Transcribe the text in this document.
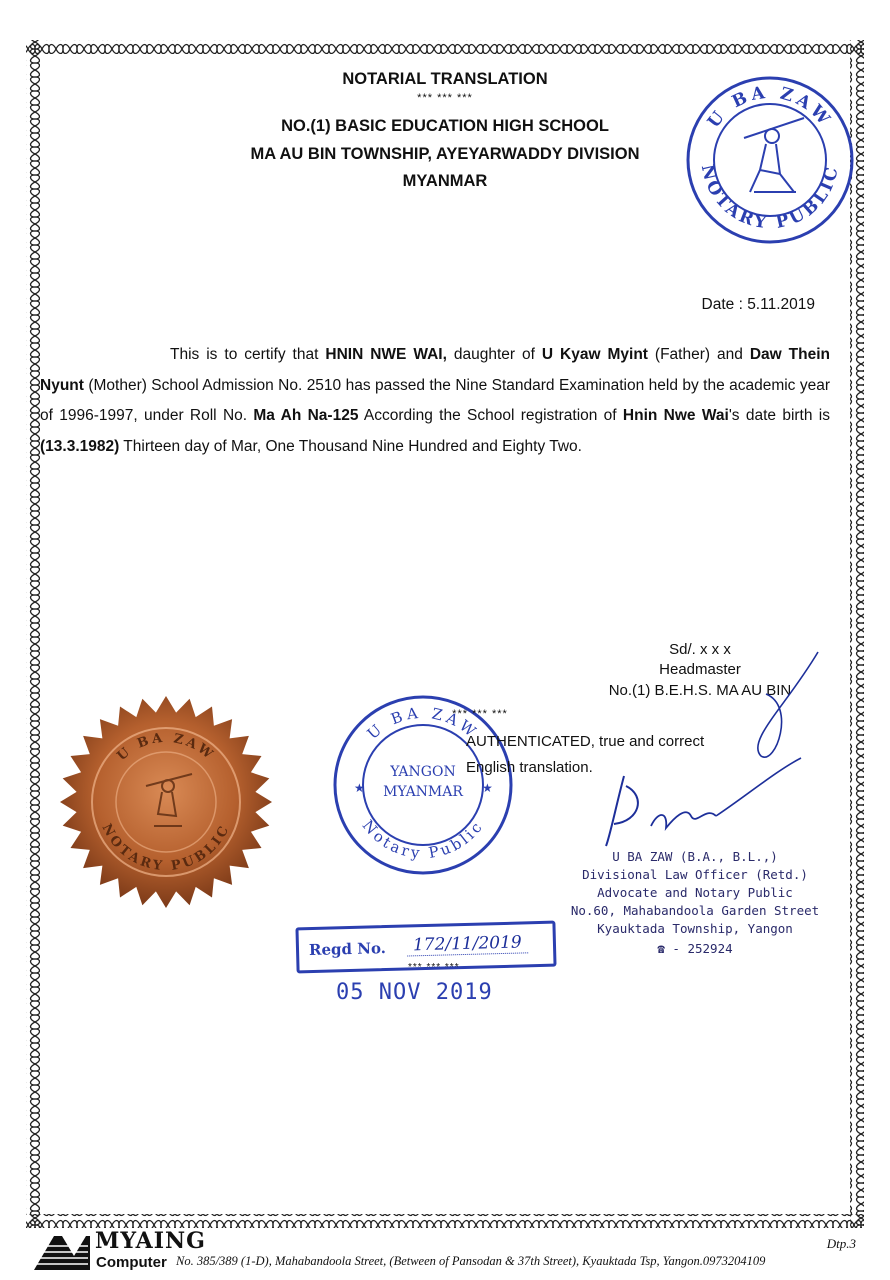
NOTARIAL TRANSLATION
*** *** ***
NO.(1) BASIC EDUCATION HIGH SCHOOL
MA AU BIN TOWNSHIP, AYEYARWADDY DIVISION
MYANMAR
U BA ZAW
NOTARY PUBLIC
Date : 5.11.2019
This is to certify that HNIN NWE WAI, daughter of U Kyaw Myint (Father) and Daw Thein Nyunt (Mother) School Admission No. 2510 has passed the Nine Standard Examination held by the academic year of 1996-1997, under Roll No. Ma Ah Na-125 According the School registration of Hnin Nwe Wai's date birth is (13.3.1982) Thirteen day of Mar, One Thousand Nine Hundred and Eighty Two.
Sd/. x x x
Headmaster
No.(1) B.E.H.S. MA AU BIN
U BA ZAW
NOTARY PUBLIC
U BA ZAW
Notary Public
YANGON
MYANMAR
★	★
*** *** ***
AUTHENTICATED, true and correct
English translation.
U BA ZAW (B.A., B.L.,)
Divisional Law Officer (Retd.)
Advocate and Notary Public
No.60, Mahabandoola Garden Street
Kyauktada Township, Yangon
☎ - 252924
Regd No.	172/11/2019
*** *** ***
05 NOV 2019
MYAING
Computer No. 385/389 (1-D), Mahabandoola Street, (Between of Pansodan & 37th Street), Kyauktada Tsp, Yangon.0973204109
Dtp.3
